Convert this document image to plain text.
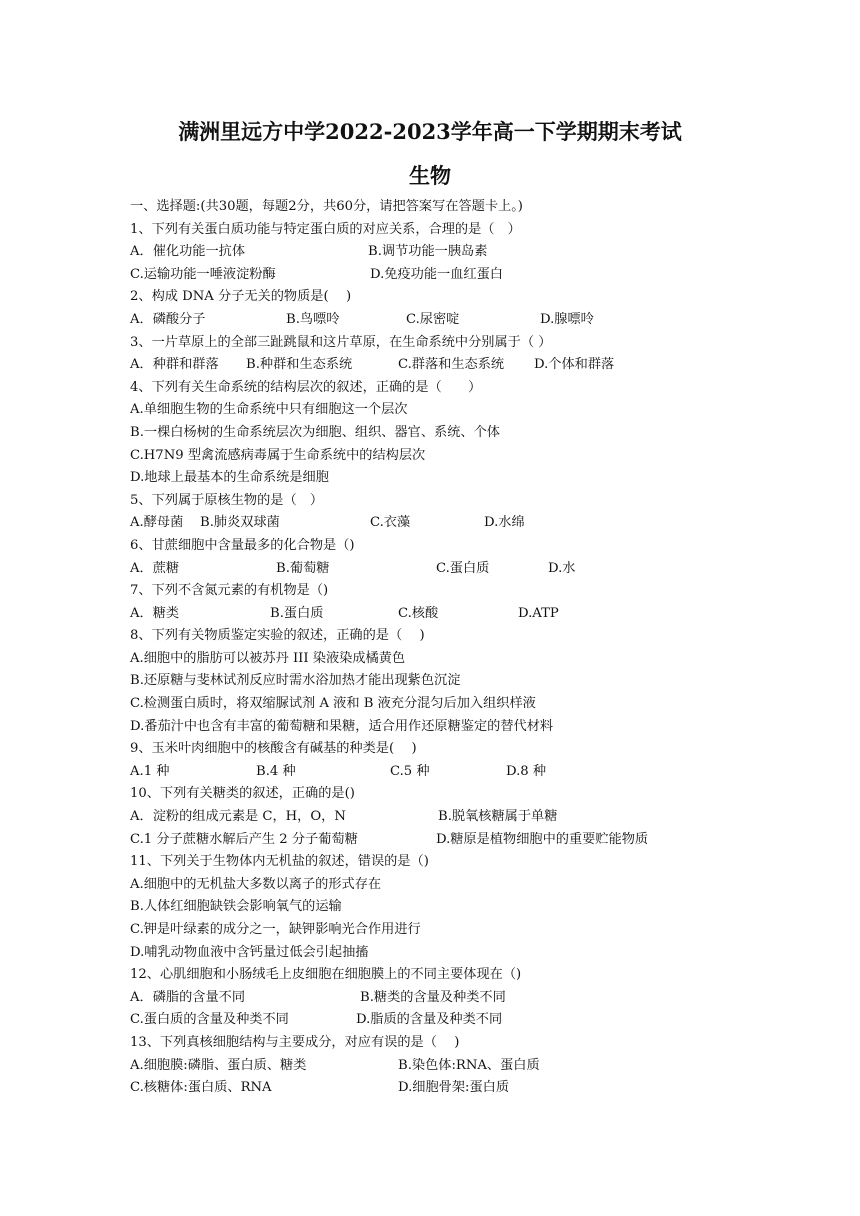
满洲里远方中学2022-2023学年高一下学期期末考试
生物
一、选择题:(共30题，每题2分，共60分，请把答案写在答题卡上。)
1、下列有关蛋白质功能与特定蛋白质的对应关系，合理的是（　）
A．催化功能一抗体	B.调节功能一胰岛素
C.运输功能一唾液淀粉酶	D.免疫功能一血红蛋白
2、构成 DNA 分子无关的物质是(　 )
A．磷酸分子	B.鸟嘌呤	C.尿密啶	D.腺嘌呤
3、一片草原上的全部三趾跳鼠和这片草原，在生命系统中分别属于（ ）
A．种群和群落 B.种群和生态系统	C.群落和生态系统 D.个体和群落
4、下列有关生命系统的结构层次的叙述，正确的是（　　）
A.单细胞生物的生命系统中只有细胞这一个层次
B.一棵白杨树的生命系统层次为细胞、组织、器官、系统、个体
C.H7N9 型禽流感病毒属于生命系统中的结构层次
D.地球上最基本的生命系统是细胞
5、下列属于原核生物的是（　）
A.酵母菌 B.肺炎双球菌	C.衣藻	D.水绵
6、甘蔗细胞中含量最多的化合物是（)
A．蔗糖	B.葡萄糖	C.蛋白质	D.水
7、下列不含氮元素的有机物是（)
A．糖类	B.蛋白质	C.核酸	D.ATP
8、下列有关物质鉴定实验的叙述，正确的是（　 )
A.细胞中的脂肪可以被苏丹 III 染液染成橘黄色
B.还原糖与斐林试剂反应时需水浴加热才能出现紫色沉淀
C.检测蛋白质时，将双缩脲试剂 A 液和 B 液充分混匀后加入组织样液
D.番茄汁中也含有丰富的葡萄糖和果糖，适合用作还原糖鉴定的替代材料
9、玉米叶肉细胞中的核酸含有碱基的种类是(　 )
A.1 种	B.4 种	C.5 种	D.8 种
10、下列有关糖类的叙述，正确的是()
A．淀粉的组成元素是 C，H，O，N	B.脱氧核糖属于单糖
C.1 分子蔗糖水解后产生 2 分子葡萄糖	D.糖原是植物细胞中的重要贮能物质
11、下列关于生物体内无机盐的叙述，错误的是（)
A.细胞中的无机盐大多数以离子的形式存在
B.人体红细胞缺铁会影响氧气的运输
C.钾是叶绿素的成分之一，缺钾影响光合作用进行
D.哺乳动物血液中含钙量过低会引起抽搐
12、心肌细胞和小肠绒毛上皮细胞在细胞膜上的不同主要体现在（)
A．磷脂的含量不同	B.糖类的含量及种类不同
C.蛋白质的含量及种类不同	D.脂质的含量及种类不同
13、下列真核细胞结构与主要成分，对应有误的是（　 )
A.细胞膜:磷脂、蛋白质、糖类	B.染色体:RNA、蛋白质
C.核糖体:蛋白质、RNA	D.细胞骨架:蛋白质
